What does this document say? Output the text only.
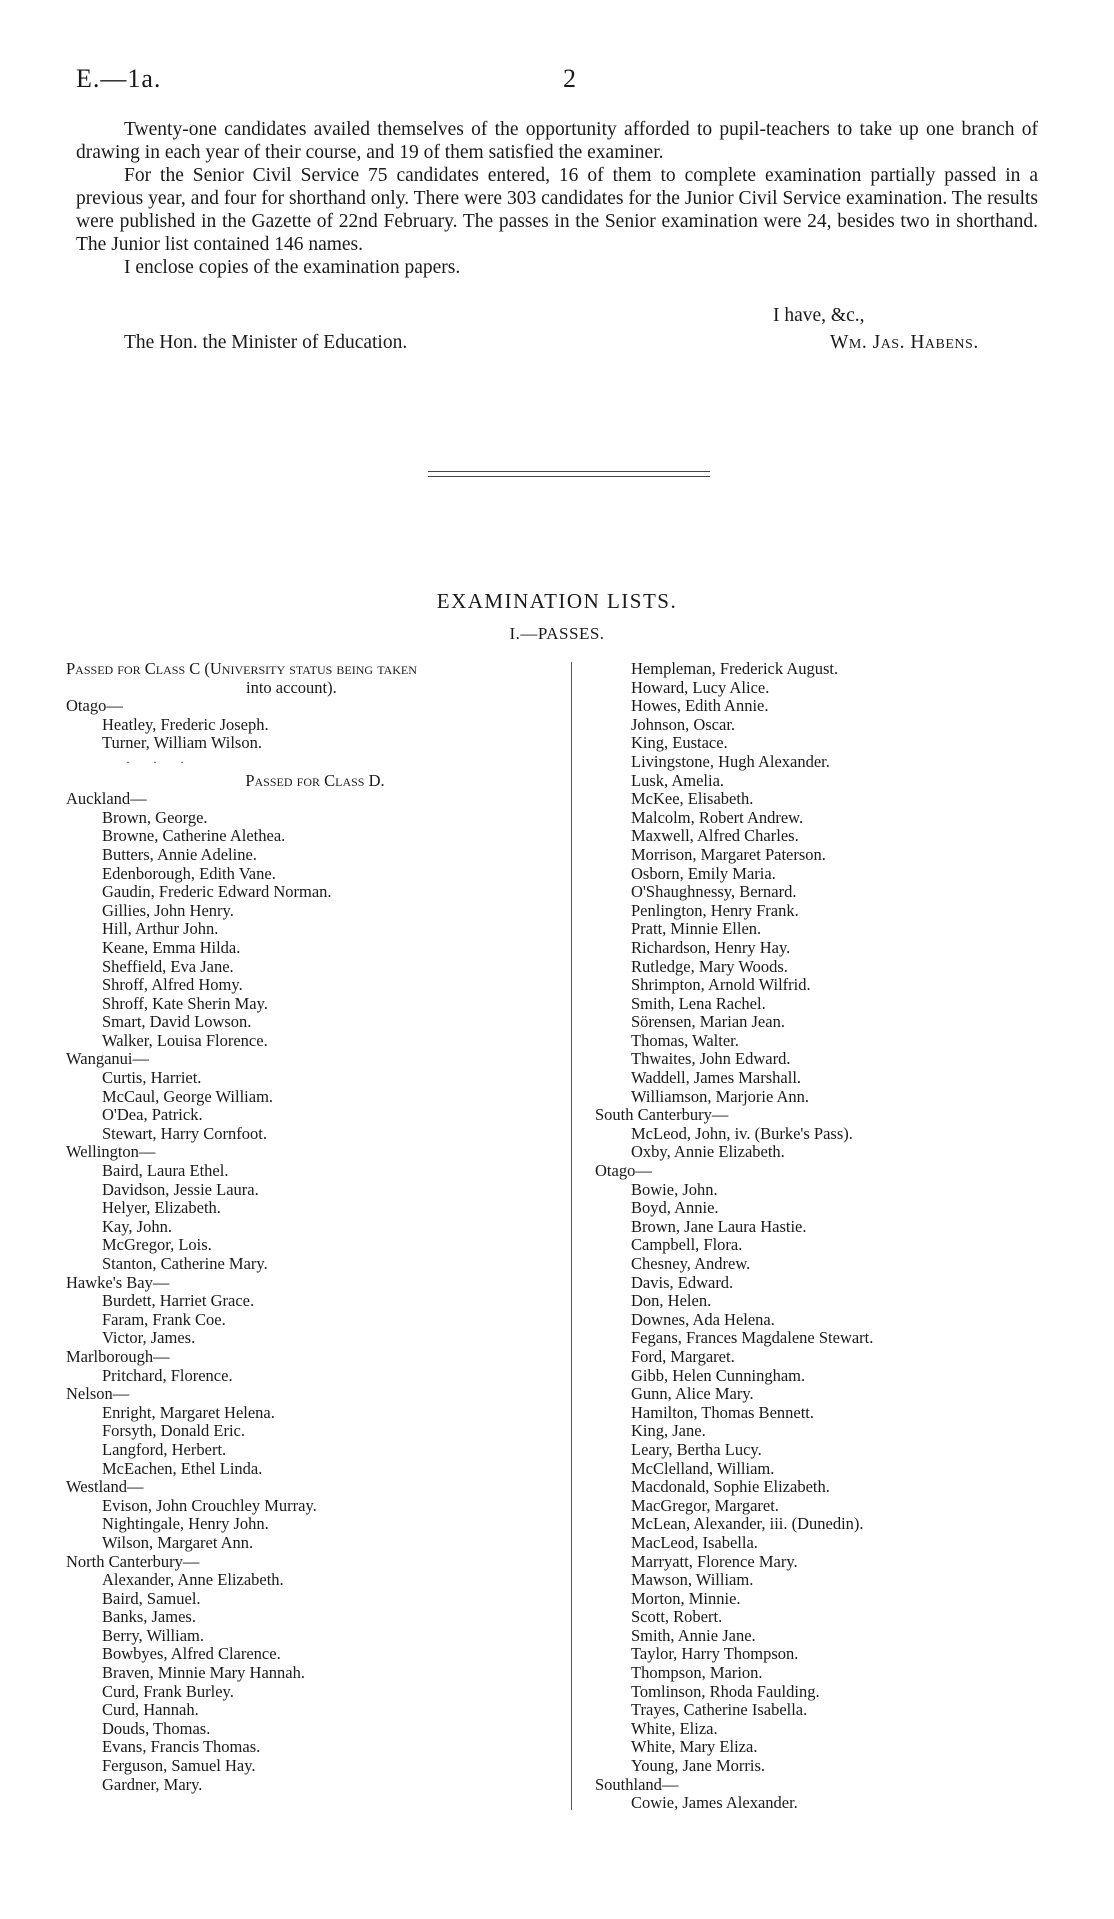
E.—1a.	2

Twenty-one candidates availed themselves of the opportunity afforded to pupil-teachers to take up one branch of drawing in each year of their course, and 19 of them satisfied the examiner.

For the Senior Civil Service 75 candidates entered, 16 of them to complete examination partially passed in a previous year, and four for shorthand only. There were 303 candidates for the Junior Civil Service examination. The results were published in the Gazette of 22nd February. The passes in the Senior examination were 24, besides two in shorthand. The Junior list contained 146 names.

I enclose copies of the examination papers.

I have, &c.,
The Hon. the Minister of Education.	Wm. Jas. Habens.
EXAMINATION LISTS.
I.—PASSES.
Passed for Class C (University status being taken
into account).
Otago—
Heatley, Frederic Joseph.
Turner, William Wilson.
· · ·
Passed for Class D.
Auckland—
Brown, George.
Browne, Catherine Alethea.
Butters, Annie Adeline.
Edenborough, Edith Vane.
Gaudin, Frederic Edward Norman.
Gillies, John Henry.
Hill, Arthur John.
Keane, Emma Hilda.
Sheffield, Eva Jane.
Shroff, Alfred Homy.
Shroff, Kate Sherin May.
Smart, David Lowson.
Walker, Louisa Florence.
Wanganui—
Curtis, Harriet.
McCaul, George William.
O'Dea, Patrick.
Stewart, Harry Cornfoot.
Wellington—
Baird, Laura Ethel.
Davidson, Jessie Laura.
Helyer, Elizabeth.
Kay, John.
McGregor, Lois.
Stanton, Catherine Mary.
Hawke's Bay—
Burdett, Harriet Grace.
Faram, Frank Coe.
Victor, James.
Marlborough—
Pritchard, Florence.
Nelson—
Enright, Margaret Helena.
Forsyth, Donald Eric.
Langford, Herbert.
McEachen, Ethel Linda.
Westland—
Evison, John Crouchley Murray.
Nightingale, Henry John.
Wilson, Margaret Ann.
North Canterbury—
Alexander, Anne Elizabeth.
Baird, Samuel.
Banks, James.
Berry, William.
Bowbyes, Alfred Clarence.
Braven, Minnie Mary Hannah.
Curd, Frank Burley.
Curd, Hannah.
Douds, Thomas.
Evans, Francis Thomas.
Ferguson, Samuel Hay.
Gardner, Mary.
Hempleman, Frederick August.
Howard, Lucy Alice.
Howes, Edith Annie.
Johnson, Oscar.
King, Eustace.
Livingstone, Hugh Alexander.
Lusk, Amelia.
McKee, Elisabeth.
Malcolm, Robert Andrew.
Maxwell, Alfred Charles.
Morrison, Margaret Paterson.
Osborn, Emily Maria.
O'Shaughnessy, Bernard.
Penlington, Henry Frank.
Pratt, Minnie Ellen.
Richardson, Henry Hay.
Rutledge, Mary Woods.
Shrimpton, Arnold Wilfrid.
Smith, Lena Rachel.
Sörensen, Marian Jean.
Thomas, Walter.
Thwaites, John Edward.
Waddell, James Marshall.
Williamson, Marjorie Ann.
South Canterbury—
McLeod, John, iv. (Burke's Pass).
Oxby, Annie Elizabeth.
Otago—
Bowie, John.
Boyd, Annie.
Brown, Jane Laura Hastie.
Campbell, Flora.
Chesney, Andrew.
Davis, Edward.
Don, Helen.
Downes, Ada Helena.
Fegans, Frances Magdalene Stewart.
Ford, Margaret.
Gibb, Helen Cunningham.
Gunn, Alice Mary.
Hamilton, Thomas Bennett.
King, Jane.
Leary, Bertha Lucy.
McClelland, William.
Macdonald, Sophie Elizabeth.
MacGregor, Margaret.
McLean, Alexander, iii. (Dunedin).
MacLeod, Isabella.
Marryatt, Florence Mary.
Mawson, William.
Morton, Minnie.
Scott, Robert.
Smith, Annie Jane.
Taylor, Harry Thompson.
Thompson, Marion.
Tomlinson, Rhoda Faulding.
Trayes, Catherine Isabella.
White, Eliza.
White, Mary Eliza.
Young, Jane Morris.
Southland—
Cowie, James Alexander.
